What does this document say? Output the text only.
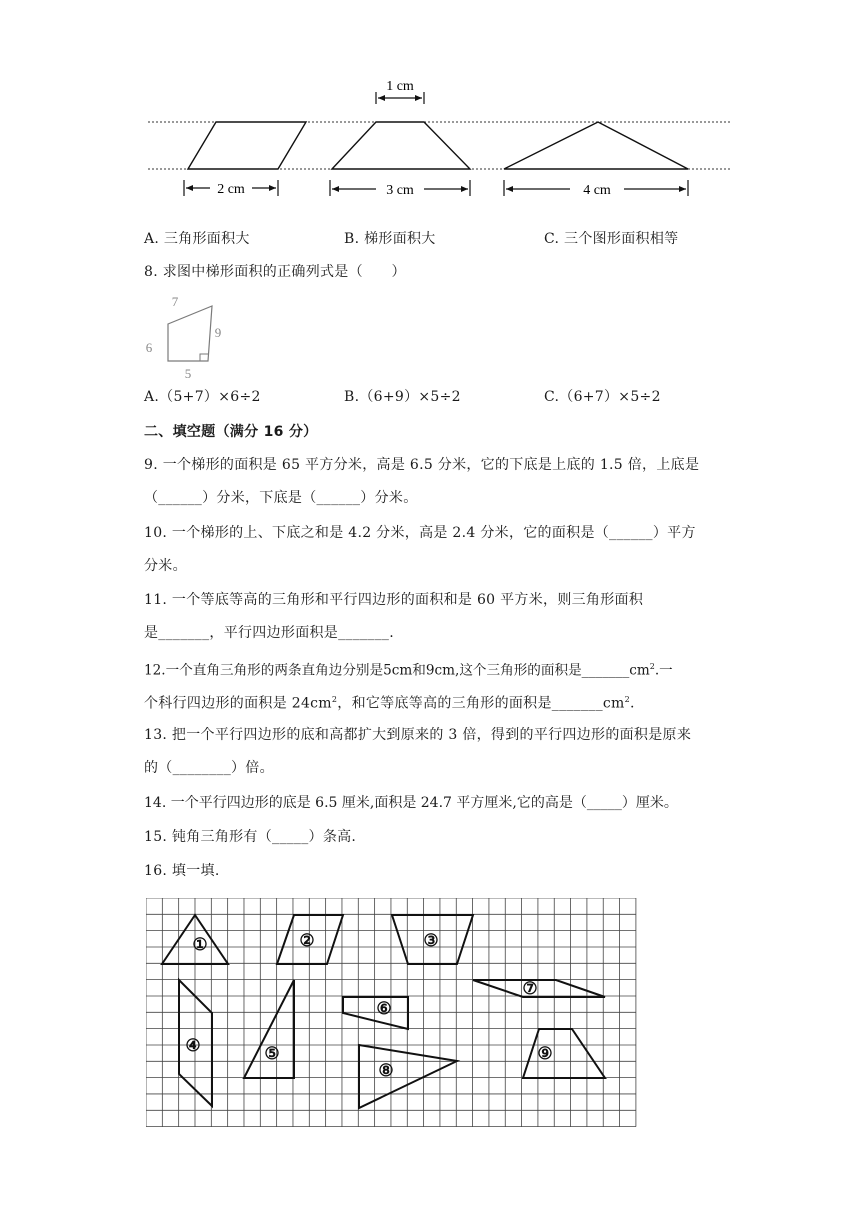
1 cm
2 cm	3 cm	4 cm
A. 三角形面积大	B. 梯形面积大	C. 三个图形面积相等
8. 求图中梯形面积的正确列式是（　　）
7
6
9
5
A.（5+7）×6÷2	B.（6+9）×5÷2	C.（6+7）×5÷2
二、填空题（满分 16 分）
9. 一个梯形的面积是 65 平方分米，高是 6.5 分米，它的下底是上底的 1.5 倍，上底是
（______）分米，下底是（______）分米。
10. 一个梯形的上、下底之和是 4.2 分米，高是 2.4 分米，它的面积是（______）平方
分米。
11. 一个等底等高的三角形和平行四边形的面积和是 60 平方米，则三角形面积
是_______，平行四边形面积是_______.
12.一个直角三角形的两条直角边分别是5cm和9cm,这个三角形的面积是$\_\_\_\_\_\_\_cm^2$.一
个科行四边形的面积是 $24cm^2$，和它等底等高的三角形的面积是$\_\_\_\_\_\_\_cm^2$.
13. 把一个平行四边形的底和高都扩大到原来的 3 倍，得到的平行四边形的面积是原来
的（________）倍。
14. 一个平行四边形的底是 6.5 厘米,面积是 24.7 平方厘米,它的高是（_____）厘米。
15. 钝角三角形有（_____）条高.
16. 填一填.
①	②	③
④	⑤
⑥
⑦
⑧
⑨
